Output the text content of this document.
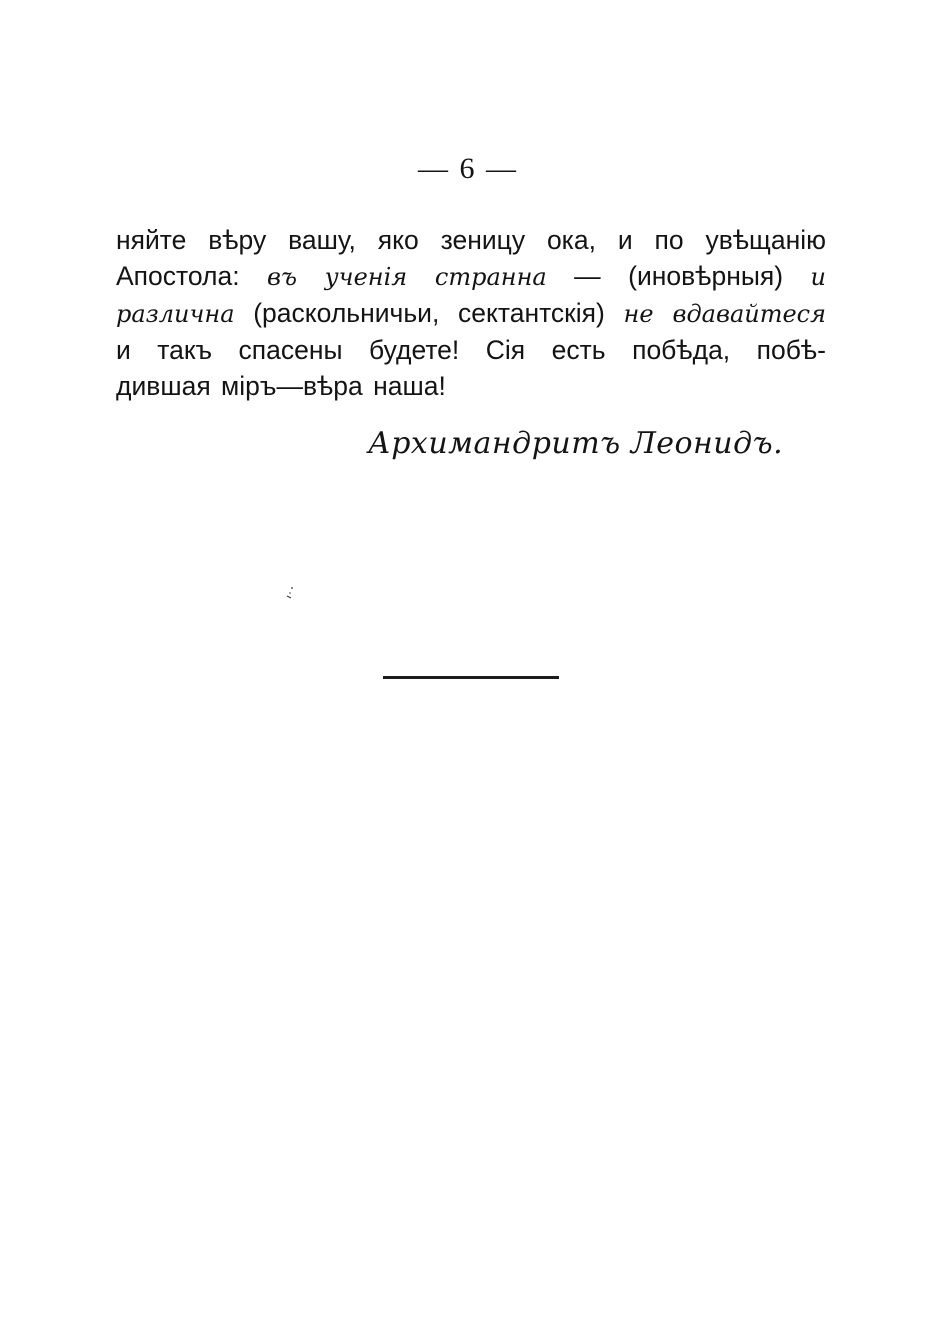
— 6 —
няйте вѣру вашу, яко зеницу ока, и по увѣщанію
Апостола: въ ученія странна — (иновѣрныя) и
различна (раскольничьи, сектантскія) не вдавайтеся
и такъ спасены будете! Сія есть побѣда, побѣ-
дившая міръ—вѣра наша!
Архимандритъ Леонидъ.
